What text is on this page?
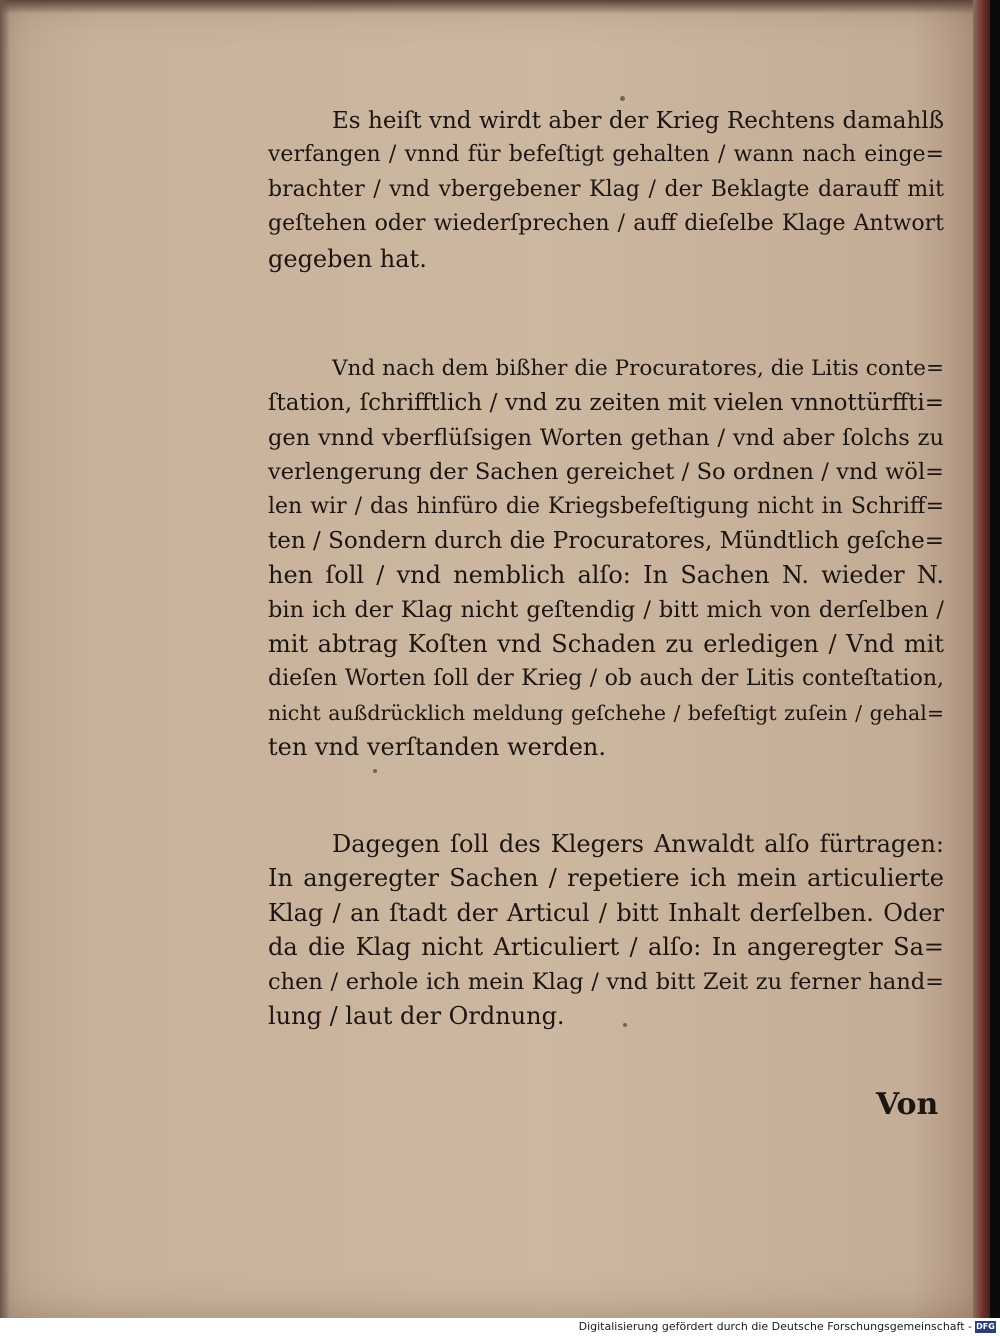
Es heiſt vnd wirdt aber der Krieg Rechtens damahlß
verfangen / vnnd für befeſtigt gehalten / wann nach einge=
brachter / vnd vbergebener Klag / der Beklagte darauff mit
geſtehen oder wiederſprechen / auff dieſelbe Klage Antwort
gegeben hat.
Vnd nach dem bißher die Procuratores, die Litis conte=
ſtation, ſchrifftlich / vnd zu zeiten mit vielen vnnottürffti=
gen vnnd vberflüſsigen Worten gethan / vnd aber ſolchs zu
verlengerung der Sachen gereichet / So ordnen / vnd wöl=
len wir / das hinfüro die Kriegsbefeſtigung nicht in Schriff=
ten / Sondern durch die Procuratores, Mündtlich geſche=
hen ſoll / vnd nemblich alſo: In Sachen N. wieder N.
bin ich der Klag nicht geſtendig / bitt mich von derſelben /
mit abtrag Koſten vnd Schaden zu erledigen / Vnd mit
dieſen Worten ſoll der Krieg / ob auch der Litis conteſtation,
nicht außdrücklich meldung geſchehe / befeſtigt zuſein / gehal=
ten vnd verſtanden werden.
Dagegen ſoll des Klegers Anwaldt alſo fürtragen:
In angeregter Sachen / repetiere ich mein articulierte
Klag / an ſtadt der Articul / bitt Inhalt derſelben. Oder
da die Klag nicht Articuliert / alſo: In angeregter Sa=
chen / erhole ich mein Klag / vnd bitt Zeit zu ferner hand=
lung / laut der Ordnung.
Von
Digitalisierung gefördert durch die Deutsche Forschungsgemeinschaft - DFG
